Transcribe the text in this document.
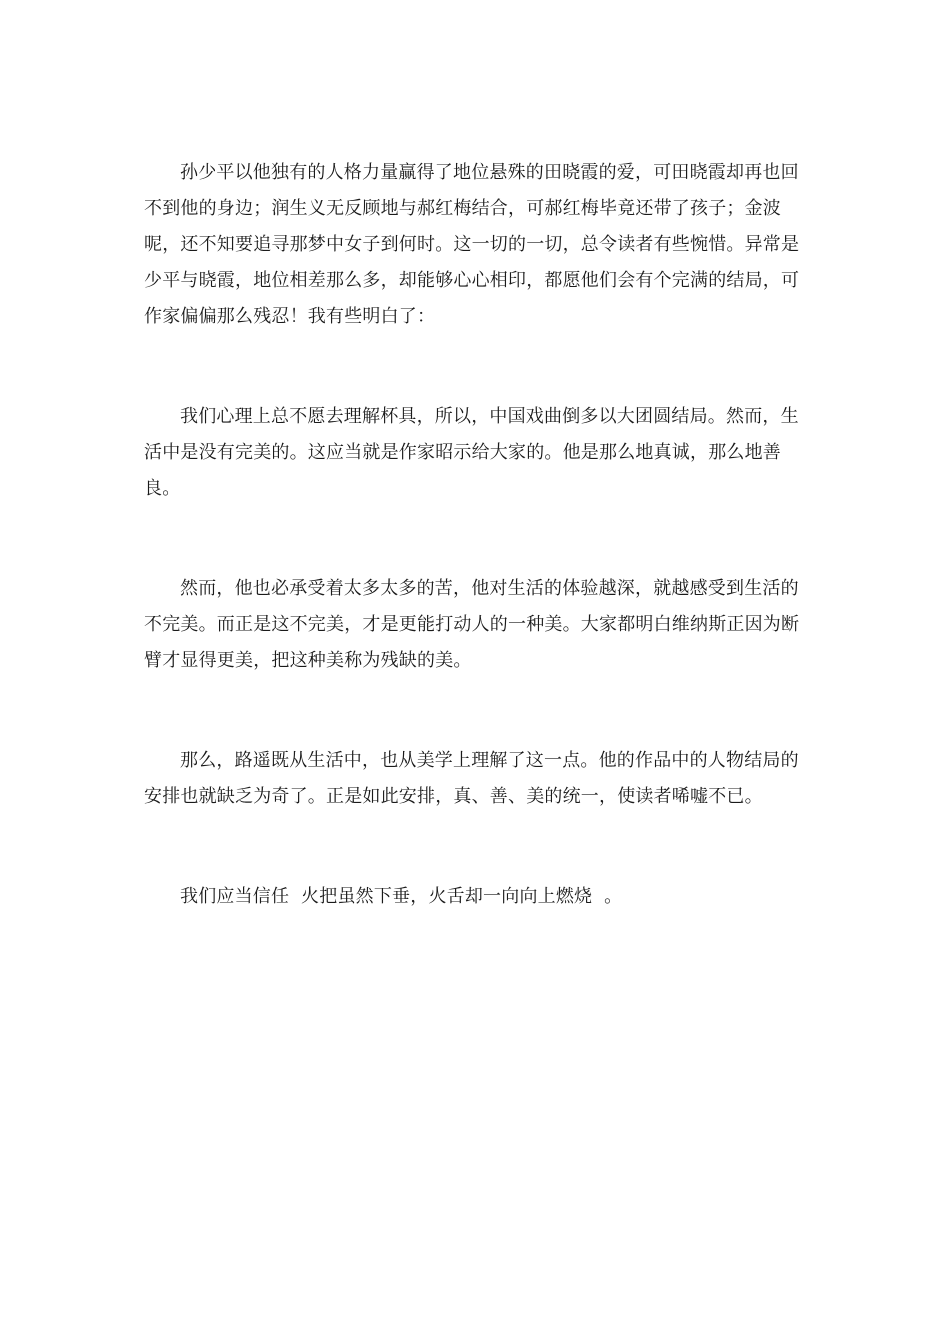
孙少平以他独有的人格力量赢得了地位悬殊的田晓霞的爱，可田晓霞却再也回不到他的身边；润生义无反顾地与郝红梅结合，可郝红梅毕竟还带了孩子；金波呢，还不知要追寻那梦中女子到何时。这一切的一切，总令读者有些惋惜。异常是少平与晓霞，地位相差那么多，却能够心心相印，都愿他们会有个完满的结局，可作家偏偏那么残忍！我有些明白了：

我们心理上总不愿去理解杯具，所以，中国戏曲倒多以大团圆结局。然而，生活中是没有完美的。这应当就是作家昭示给大家的。他是那么地真诚，那么地善良。

然而，他也必承受着太多太多的苦，他对生活的体验越深，就越感受到生活的不完美。而正是这不完美，才是更能打动人的一种美。大家都明白维纳斯正因为断臂才显得更美，把这种美称为残缺的美。

那么，路遥既从生活中，也从美学上理解了这一点。他的作品中的人物结局的安排也就缺乏为奇了。正是如此安排，真、善、美的统一，使读者唏嘘不已。

我们应当信任  火把虽然下垂，火舌却一向向上燃烧  。
